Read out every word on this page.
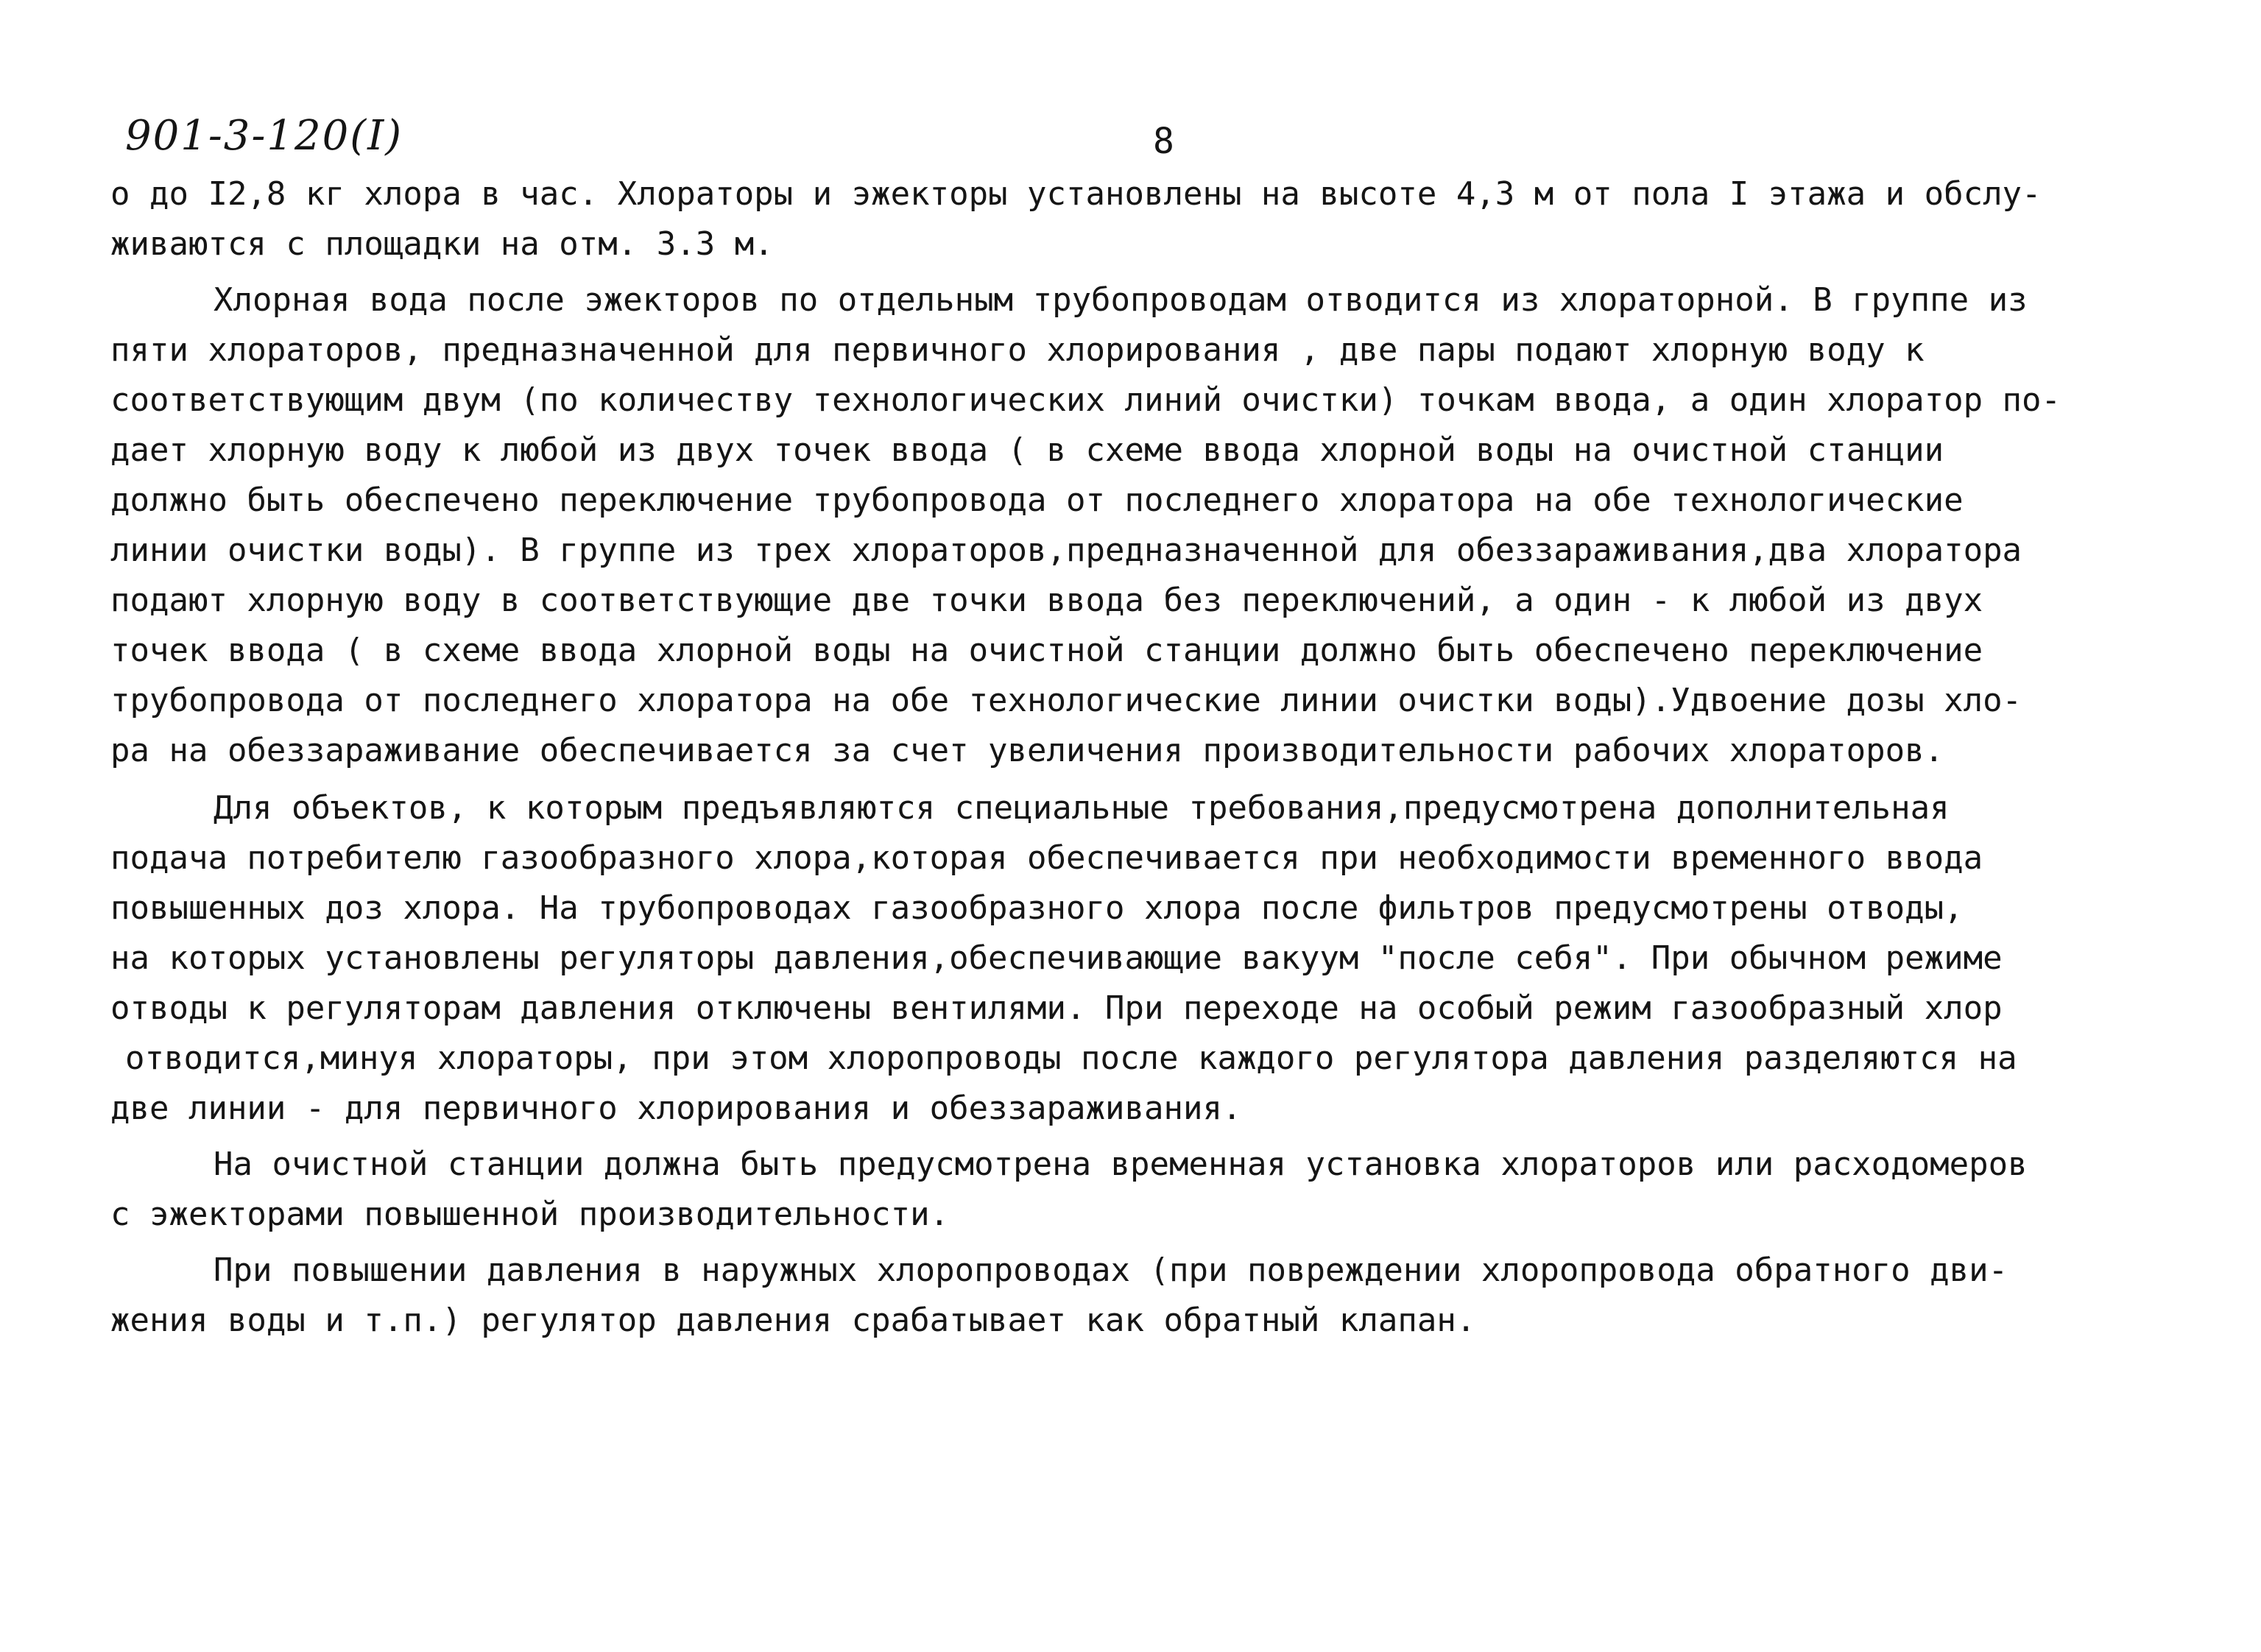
901-3-120(I)	8
о до I2,8 кг хлора в час. Хлораторы и эжекторы установлены на высоте 4,3 м от пола I этажа и обслу-
живаются с площадки на отм. 3.3 м.
Хлорная вода после эжекторов по отдельным трубопроводам отводится из хлораторной. В группе из
пяти хлораторов, предназначенной для первичного хлорирования , две пары подают хлорную воду к
соответствующим двум (по количеству технологических линий очистки) точкам ввода, а один хлоратор по-
дает хлорную воду к любой из двух точек ввода ( в схеме ввода хлорной воды на очистной станции
должно быть обеспечено переключение трубопровода от последнего хлоратора на обе технологические
линии очистки воды). В группе из трех хлораторов,предназначенной для обеззараживания,два хлоратора
подают хлорную воду в соответствующие две точки ввода без переключений, а один - к любой из двух
точек ввода ( в схеме ввода хлорной воды на очистной станции должно быть обеспечено переключение
трубопровода от последнего хлоратора на обе технологические линии очистки воды).Удвоение дозы хло-
ра на обеззараживание обеспечивается за счет увеличения производительности рабочих хлораторов.
Для объектов, к которым предъявляются специальные требования,предусмотрена дополнительная
подача потребителю газообразного хлора,которая обеспечивается при необходимости временного ввода
повышенных доз хлора. На трубопроводах газообразного хлора после фильтров предусмотрены отводы,
на которых установлены регуляторы давления,обеспечивающие вакуум "после себя". При обычном режиме
отводы к регуляторам давления отключены вентилями. При переходе на особый режим газообразный хлор
отводится,минуя хлораторы, при этом хлоропроводы после каждого регулятора давления разделяются на
две линии - для первичного хлорирования и обеззараживания.
На очистной станции должна быть предусмотрена временная установка хлораторов или расходомеров
с эжекторами повышенной производительности.
При повышении давления в наружных хлоропроводах (при повреждении хлоропровода обратного дви-
жения воды и т.п.) регулятор давления срабатывает как обратный клапан.
